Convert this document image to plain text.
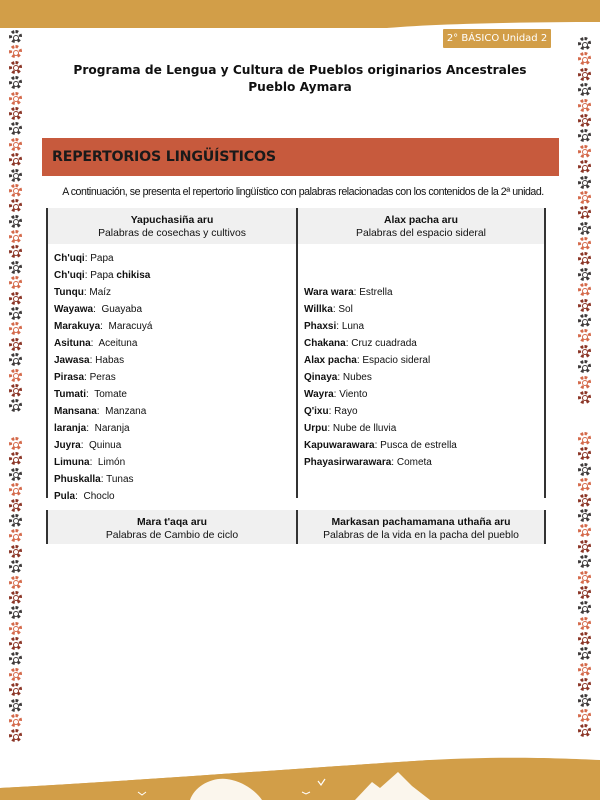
2° BÁSICO Unidad 2
Programa de Lengua y Cultura de Pueblos originarios Ancestrales
Pueblo Aymara
REPERTORIOS LINGÜÍSTICOS
A continuación, se presenta el repertorio lingüístico con palabras relacionadas con los contenidos de la 2ª unidad.
Yapuchasiña aru
Palabras de cosechas y cultivos
Ch'uqi: Papa
Ch'uqi: Papa chikisa
Tunqu: Maíz
Wayawa:  Guayaba
Marakuya:  Maracuyá
Asituna:  Aceituna
Jawasa: Habas
Pirasa: Peras
Tumati:  Tomate
Mansana:  Manzana
laranja:  Naranja
Juyra:  Quinua
Limuna:  Limón
Phuskalla: Tunas
Pula:  Choclo
Alax pacha aru
Palabras del espacio sideral
Wara wara: Estrella
Willka: Sol
Phaxsi: Luna
Chakana: Cruz cuadrada
Alax pacha: Espacio sideral
Qinaya: Nubes
Wayra: Viento
Q'ixu: Rayo
Urpu: Nube de lluvia
Kapuwarawara: Pusca de estrella
Phayasirwarawara: Cometa
Mara t'aqa aru
Palabras de Cambio de ciclo
Markasan pachamamana uthaña aru
Palabras de la vida en la pacha del pueblo
